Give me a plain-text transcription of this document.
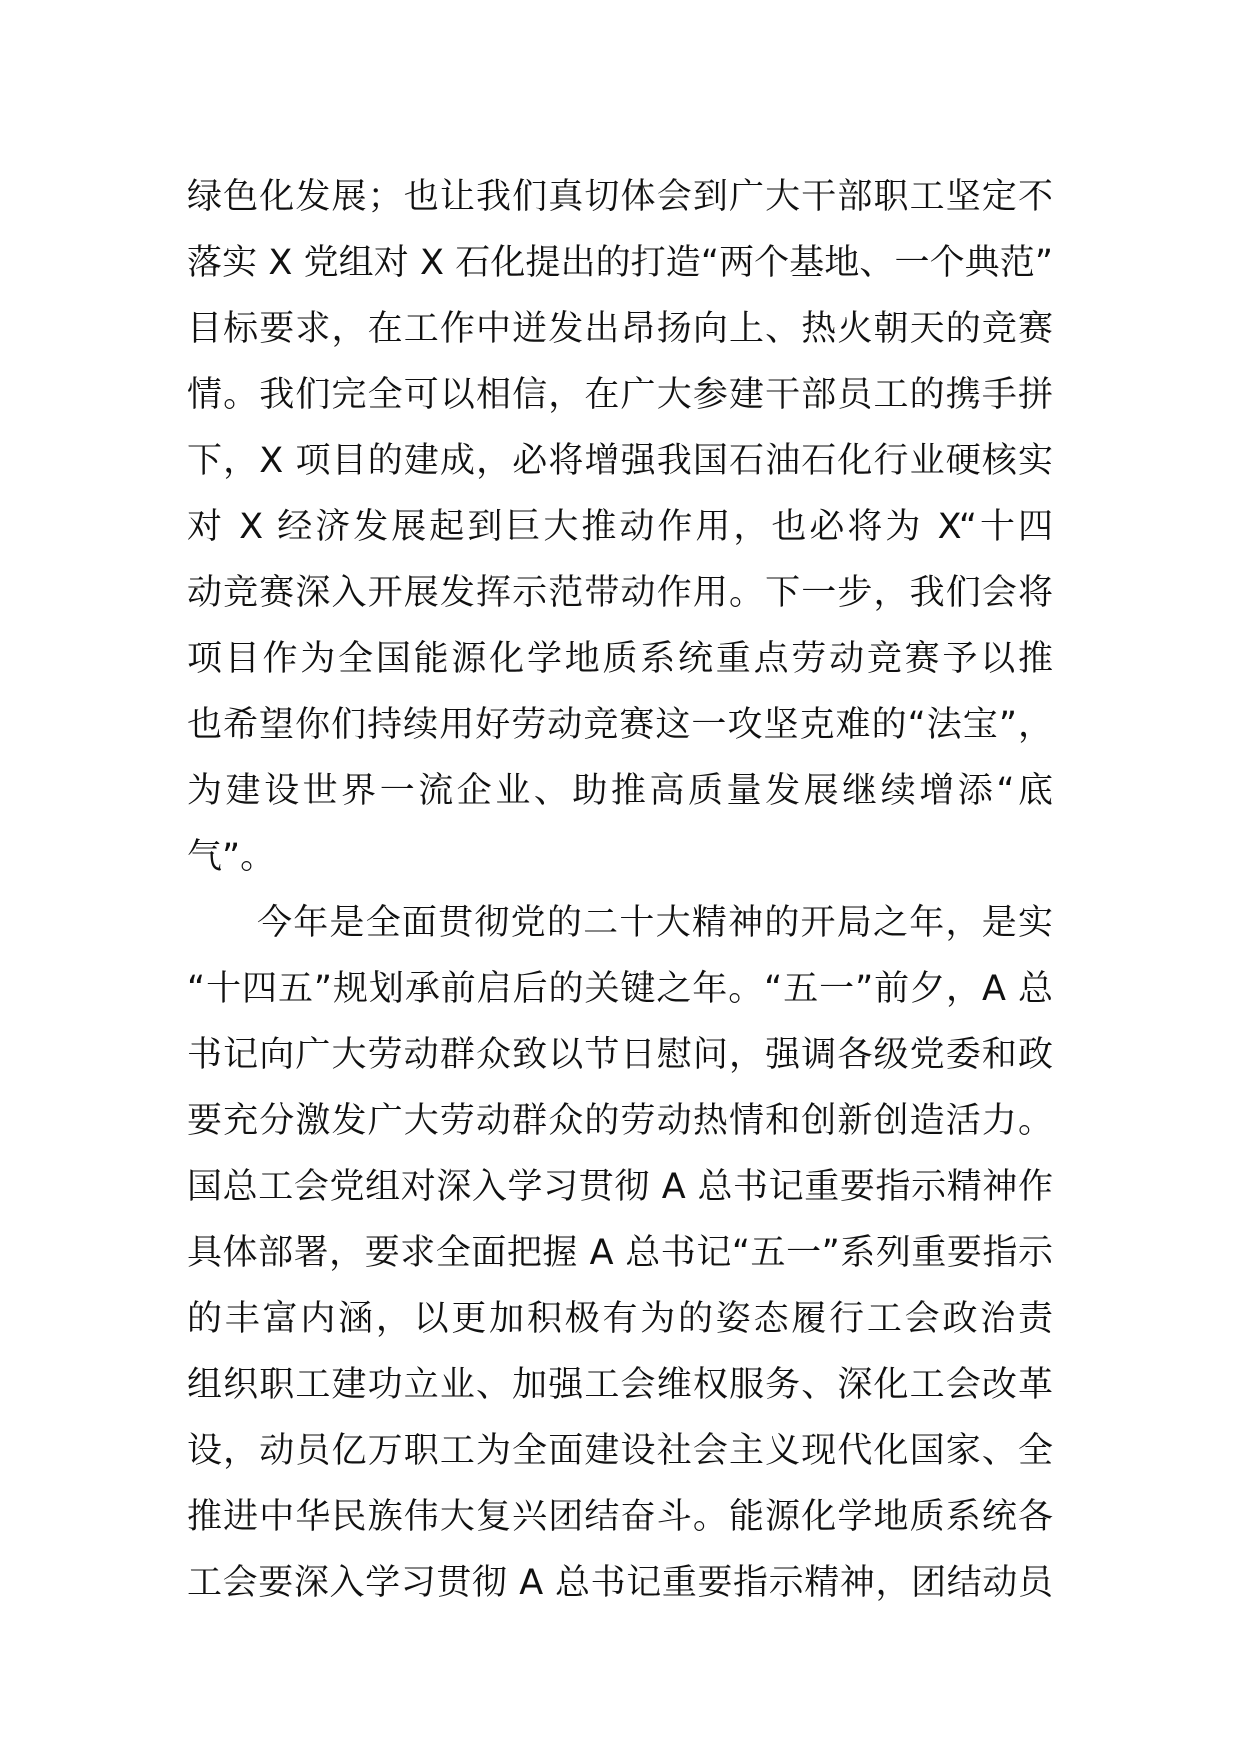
绿色化发展；也让我们真切体会到广大干部职工坚定不
落实 X 党组对 X 石化提出的打造“两个基地、一个典范”
目标要求，在工作中迸发出昂扬向上、热火朝天的竞赛
情。我们完全可以相信，在广大参建干部员工的携手拼
下，X 项目的建成，必将增强我国石油石化行业硬核实
对 X 经济发展起到巨大推动作用，也必将为 X“十四
动竞赛深入开展发挥示范带动作用。下一步，我们会将
项目作为全国能源化学地质系统重点劳动竞赛予以推
也希望你们持续用好劳动竞赛这一攻坚克难的“法宝”，
为建设世界一流企业、助推高质量发展继续增添“底
气”。
今年是全面贯彻党的二十大精神的开局之年，是实
“十四五”规划承前启后的关键之年。“五一”前夕，A 总
书记向广大劳动群众致以节日慰问，强调各级党委和政
要充分激发广大劳动群众的劳动热情和创新创造活力。
国总工会党组对深入学习贯彻 A 总书记重要指示精神作
具体部署，要求全面把握 A 总书记“五一”系列重要指示
的丰富内涵，以更加积极有为的姿态履行工会政治责
组织职工建功立业、加强工会维权服务、深化工会改革
设，动员亿万职工为全面建设社会主义现代化国家、全
推进中华民族伟大复兴团结奋斗。能源化学地质系统各
工会要深入学习贯彻 A 总书记重要指示精神，团结动员
